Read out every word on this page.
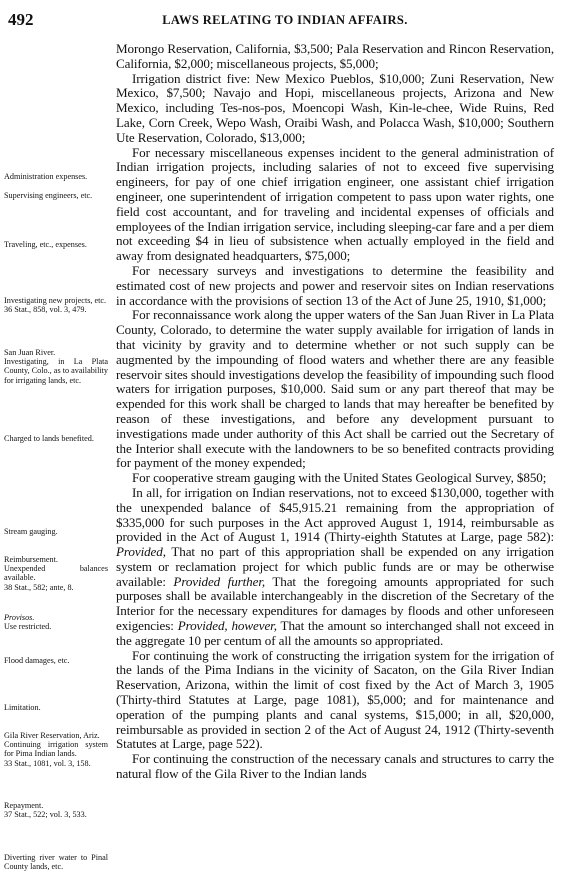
492	LAWS RELATING TO INDIAN AFFAIRS.
Administration expenses.
Supervising engineers, etc.
Traveling, etc., expenses.
Investigating new projects, etc.
36 Stat., 858, vol. 3, 479.
San Juan River.
Investigating, in La Plata County, Colo., as to availability for irrigating lands, etc.
Charged to lands benefited.
Stream gauging.
Reimbursement.
Unexpended balances available.
38 Stat., 582; ante, 8.
Provisos.
Use restricted.
Flood damages, etc.
Limitation.
Gila River Reservation, Ariz.
Continuing irrigation system for Pima Indian lands.
33 Stat., 1081, vol. 3, 158.
Repayment.
37 Stat., 522; vol. 3, 533.
Diverting river water to Pinal County lands, etc.

Morongo Reservation, California, $3,500; Pala Reservation and Rincon Reservation, California, $2,000; miscellaneous projects, $5,000;

Irrigation district five: New Mexico Pueblos, $10,000; Zuni Reservation, New Mexico, $7,500; Navajo and Hopi, miscellaneous projects, Arizona and New Mexico, including Tes-nos-pos, Moencopi Wash, Kin-le-chee, Wide Ruins, Red Lake, Corn Creek, Wepo Wash, Oraibi Wash, and Polacca Wash, $10,000; Southern Ute Reservation, Colorado, $13,000;

For necessary miscellaneous expenses incident to the general administration of Indian irrigation projects, including salaries of not to exceed five supervising engineers, for pay of one chief irrigation engineer, one assistant chief irrigation engineer, one superintendent of irrigation competent to pass upon water rights, one field cost accountant, and for traveling and incidental expenses of officials and employees of the Indian irrigation service, including sleeping-car fare and a per diem not exceeding $4 in lieu of subsistence when actually employed in the field and away from designated headquarters, $75,000;

For necessary surveys and investigations to determine the feasibility and estimated cost of new projects and power and reservoir sites on Indian reservations in accordance with the provisions of section 13 of the Act of June 25, 1910, $1,000;

For reconnaissance work along the upper waters of the San Juan River in La Plata County, Colorado, to determine the water supply available for irrigation of lands in that vicinity by gravity and to determine whether or not such supply can be augmented by the impounding of flood waters and whether there are any feasible reservoir sites should investigations develop the feasibility of impounding such flood waters for irrigation purposes, $10,000. Said sum or any part thereof that may be expended for this work shall be charged to lands that may hereafter be benefited by reason of these investigations, and before any development pursuant to investigations made under authority of this Act shall be carried out the Secretary of the Interior shall execute with the landowners to be so benefited contracts providing for payment of the money expended;

For cooperative stream gauging with the United States Geological Survey, $850;

In all, for irrigation on Indian reservations, not to exceed $130,000, together with the unexpended balance of $45,915.21 remaining from the appropriation of $335,000 for such purposes in the Act approved August 1, 1914, reimbursable as provided in the Act of August 1, 1914 (Thirty-eighth Statutes at Large, page 582): Provided, That no part of this appropriation shall be expended on any irrigation system or reclamation project for which public funds are or may be otherwise available: Provided further, That the foregoing amounts appropriated for such purposes shall be available interchangeably in the discretion of the Secretary of the Interior for the necessary expenditures for damages by floods and other unforeseen exigencies: Provided, however, That the amount so interchanged shall not exceed in the aggregate 10 per centum of all the amounts so appropriated.

For continuing the work of constructing the irrigation system for the irrigation of the lands of the Pima Indians in the vicinity of Sacaton, on the Gila River Indian Reservation, Arizona, within the limit of cost fixed by the Act of March 3, 1905 (Thirty-third Statutes at Large, page 1081), $5,000; and for maintenance and operation of the pumping plants and canal systems, $15,000; in all, $20,000, reimbursable as provided in section 2 of the Act of August 24, 1912 (Thirty-seventh Statutes at Large, page 522).

For continuing the construction of the necessary canals and structures to carry the natural flow of the Gila River to the Indian lands
